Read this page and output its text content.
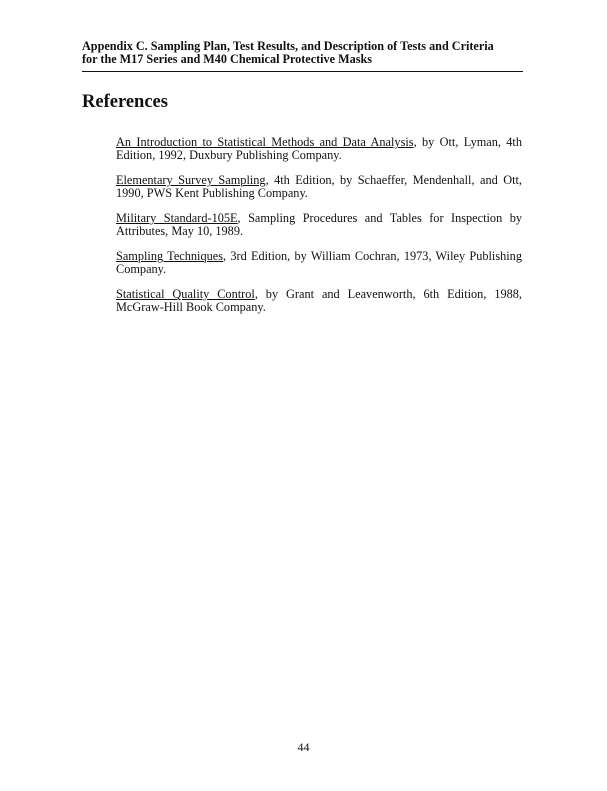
Appendix C. Sampling Plan, Test Results, and Description of Tests and Criteria
for the M17 Series and M40 Chemical Protective Masks
References
An Introduction to Statistical Methods and Data Analysis, by Ott, Lyman, 4th Edition, 1992, Duxbury Publishing Company.
Elementary Survey Sampling, 4th Edition, by Schaeffer, Mendenhall, and Ott, 1990, PWS Kent Publishing Company.
Military Standard-105E, Sampling Procedures and Tables for Inspection by Attributes, May 10, 1989.
Sampling Techniques, 3rd Edition, by William Cochran, 1973, Wiley Publishing Company.
Statistical Quality Control, by Grant and Leavenworth, 6th Edition, 1988, McGraw-Hill Book Company.
44
